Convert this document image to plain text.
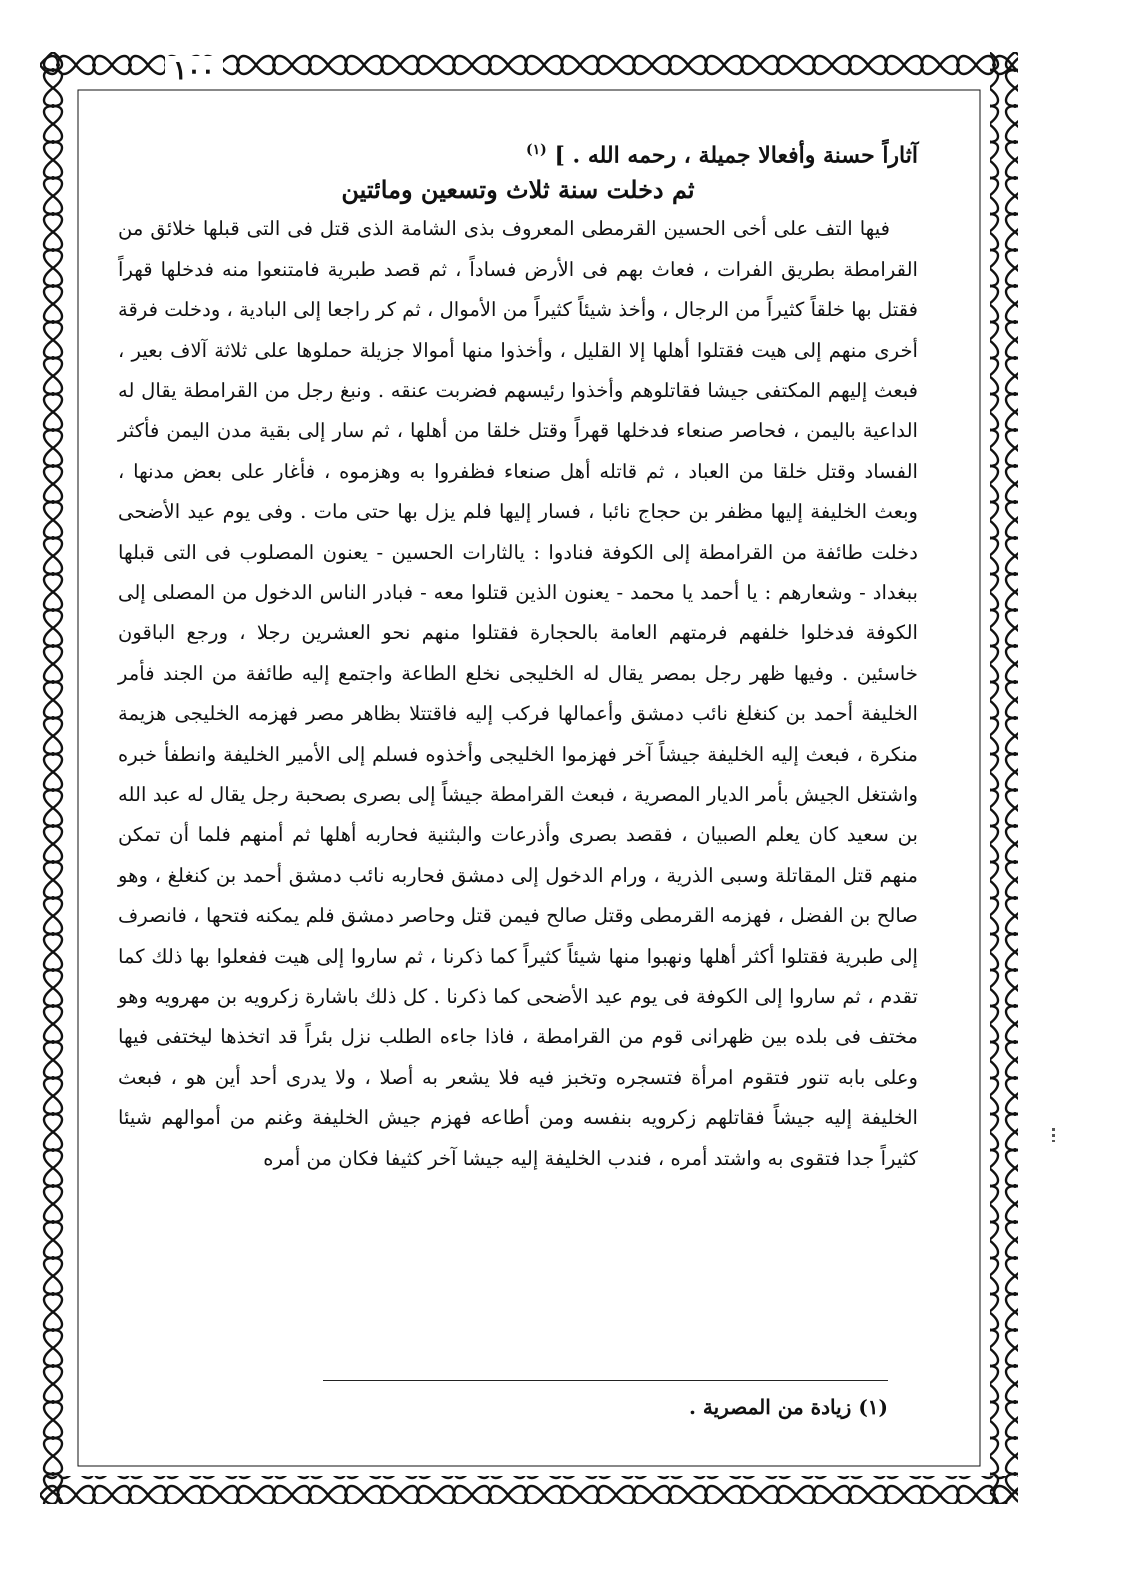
١٠٠

آثاراً حسنة وأفعالا جميلة ، رحمه الله . ] $^{(١)}$

ثم دخلت سنة ثلاث وتسعين ومائتين

فيها التف على أخى الحسين القرمطى المعروف بذى الشامة الذى قتل فى التى قبلها خلائق من القرامطة بطريق الفرات ، فعاث بهم فى الأرض فساداً ، ثم قصد طبرية فامتنعوا منه فدخلها قهراً فقتل بها خلقاً كثيراً من الرجال ، وأخذ شيئاً كثيراً من الأموال ، ثم كر راجعا إلى البادية ، ودخلت فرقة أخرى منهم إلى هيت فقتلوا أهلها إلا القليل ، وأخذوا منها أموالا جزيلة حملوها على ثلاثة آلاف بعير ، فبعث إليهم المكتفى جيشا فقاتلوهم وأخذوا رئيسهم فضربت عنقه . ونبغ رجل من القرامطة يقال له الداعية باليمن ، فحاصر صنعاء فدخلها قهراً وقتل خلقا من أهلها ، ثم سار إلى بقية مدن اليمن فأكثر الفساد وقتل خلقا من العباد ، ثم قاتله أهل صنعاء فظفروا به وهزموه ، فأغار على بعض مدنها ، وبعث الخليفة إليها مظفر بن حجاج نائبا ، فسار إليها فلم يزل بها حتى مات . وفى يوم عيد الأضحى دخلت طائفة من القرامطة إلى الكوفة فنادوا : يالثارات الحسين - يعنون المصلوب فى التى قبلها ببغداد - وشعارهم : يا أحمد يا محمد - يعنون الذين قتلوا معه - فبادر الناس الدخول من المصلى إلى الكوفة فدخلوا خلفهم فرمتهم العامة بالحجارة فقتلوا منهم نحو العشرين رجلا ، ورجع الباقون خاسئين . وفيها ظهر رجل بمصر يقال له الخليجى نخلع الطاعة واجتمع إليه طائفة من الجند فأمر الخليفة أحمد بن كنغلغ نائب دمشق وأعمالها فركب إليه فاقتتلا بظاهر مصر فهزمه الخليجى هزيمة منكرة ، فبعث إليه الخليفة جيشاً آخر فهزموا الخليجى وأخذوه فسلم إلى الأمير الخليفة وانطفأ خبره واشتغل الجيش بأمر الديار المصرية ، فبعث القرامطة جيشاً إلى بصرى بصحبة رجل يقال له عبد الله بن سعيد كان يعلم الصبيان ، فقصد بصرى وأذرعات والبثنية فحاربه أهلها ثم أمنهم فلما أن تمكن منهم قتل المقاتلة وسبى الذرية ، ورام الدخول إلى دمشق فحاربه نائب دمشق أحمد بن كنغلغ ، وهو صالح بن الفضل ، فهزمه القرمطى وقتل صالح فيمن قتل وحاصر دمشق فلم يمكنه فتحها ، فانصرف إلى طبرية فقتلوا أكثر أهلها ونهبوا منها شيئاً كثيراً كما ذكرنا ، ثم ساروا إلى هيت ففعلوا بها ذلك كما تقدم ، ثم ساروا إلى الكوفة فى يوم عيد الأضحى كما ذكرنا . كل ذلك باشارة زكرويه بن مهرويه وهو مختف فى بلده بين ظهرانى قوم من القرامطة ، فاذا جاءه الطلب نزل بئراً قد اتخذها ليختفى فيها وعلى بابه تنور فتقوم امرأة فتسجره وتخبز فيه فلا يشعر به أصلا ، ولا يدرى أحد أين هو ، فبعث الخليفة إليه جيشاً فقاتلهم زكرويه بنفسه ومن أطاعه فهزم جيش الخليفة وغنم من أموالهم شيئا كثيراً جدا فتقوى به واشتد أمره ، فندب الخليفة إليه جيشا آخر كثيفا فكان من أمره

(١) زيادة من المصرية .
